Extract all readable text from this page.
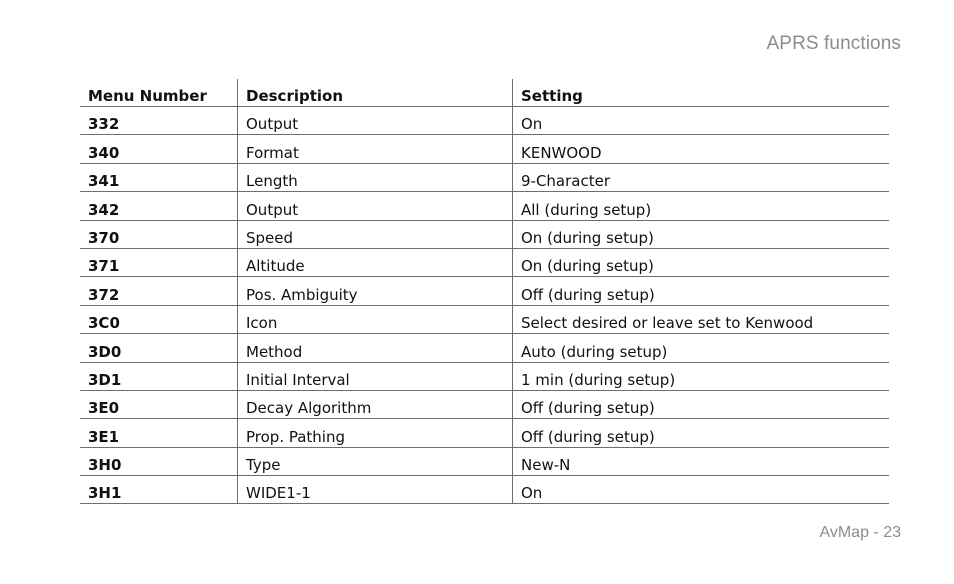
APRS functions
Menu Number	Description	Setting
332	Output	On
340	Format	KENWOOD
341	Length	9-Character
342	Output	All (during setup)
370	Speed	On (during setup)
371	Altitude	On (during setup)
372	Pos. Ambiguity	Off (during setup)
3C0	Icon	Select desired or leave set to Kenwood
3D0	Method	Auto (during setup)
3D1	Initial Interval	1 min (during setup)
3E0	Decay Algorithm	Off (during setup)
3E1	Prop. Pathing	Off (during setup)
3H0	Type	New-N
3H1	WIDE1-1	On
AvMap - 23
